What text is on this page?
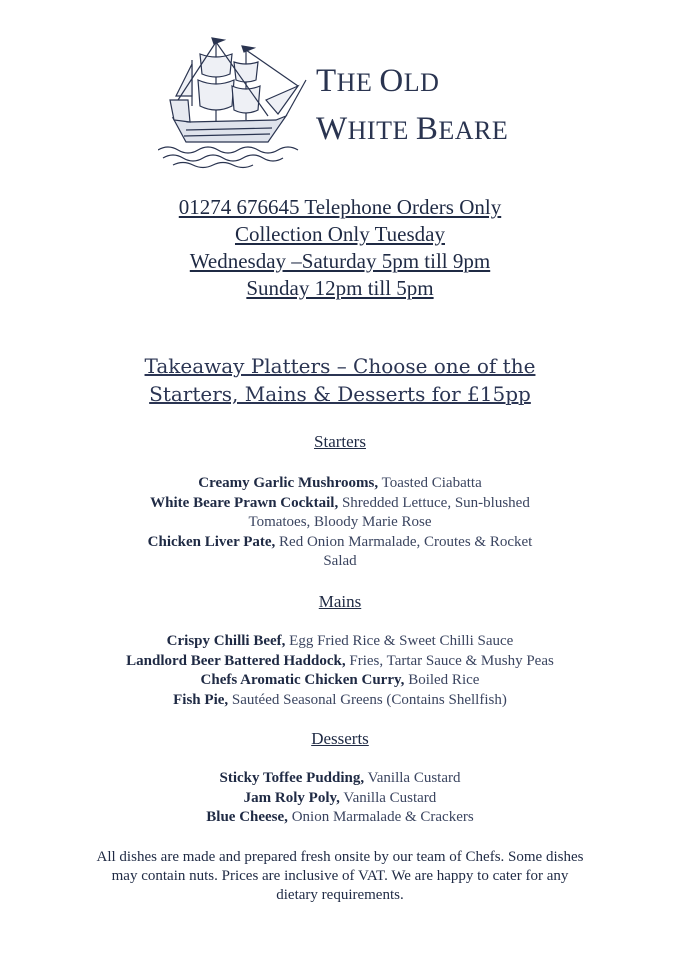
THE OLD
WHITE BEARE
01274 676645 Telephone Orders Only
Collection Only Tuesday
Wednesday –Saturday 5pm till 9pm
Sunday 12pm till 5pm
Takeaway Platters – Choose one of the
Starters, Mains & Desserts for £15pp
Starters
Creamy Garlic Mushrooms, Toasted Ciabatta
White Beare Prawn Cocktail, Shredded Lettuce, Sun-blushed Tomatoes, Bloody Marie Rose
Chicken Liver Pate, Red Onion Marmalade, Croutes & Rocket Salad
Mains
Crispy Chilli Beef, Egg Fried Rice & Sweet Chilli Sauce
Landlord Beer Battered Haddock, Fries, Tartar Sauce & Mushy Peas
Chefs Aromatic Chicken Curry, Boiled Rice
Fish Pie, Sautéed Seasonal Greens (Contains Shellfish)
Desserts
Sticky Toffee Pudding, Vanilla Custard
Jam Roly Poly, Vanilla Custard
Blue Cheese, Onion Marmalade & Crackers
All dishes are made and prepared fresh onsite by our team of Chefs. Some dishes may contain nuts. Prices are inclusive of VAT. We are happy to cater for any dietary requirements.
